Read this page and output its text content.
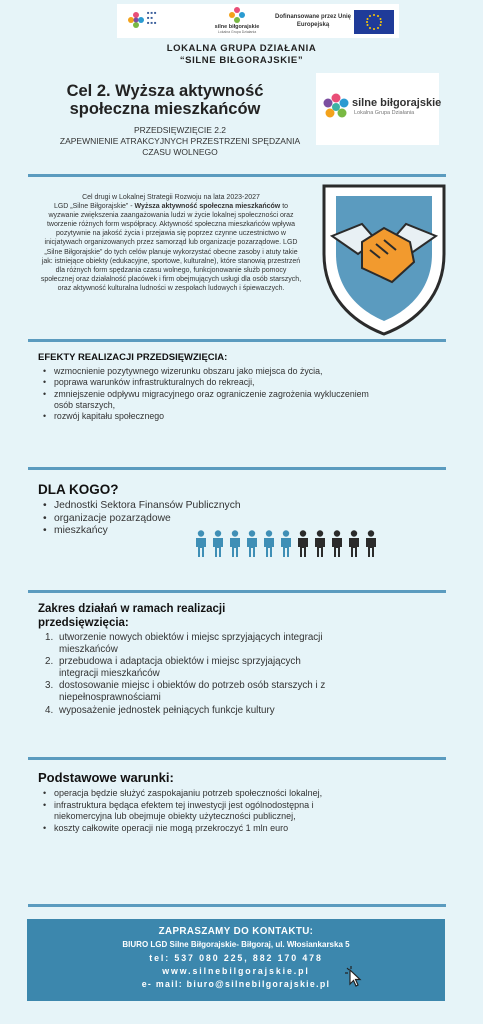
■ ■ ■
■ ■
■ ■ ■
silne biłgorajskie
Lokalna Grupa Działania
Dofinansowane przez Unię Europejską
LOKALNA GRUPA DZIAŁANIA
“SILNE BIŁGORAJSKIE”
Cel 2. Wyższa aktywność
społeczna mieszkańców	silne biłgorajskie
Lokalna Grupa Działania
PRZEDSIĘWZIĘCIE 2.2
ZAPEWNIENIE ATRAKCYJNYCH PRZESTRZENI SPĘDZANIA
CZASU WOLNEGO
Cel drugi w Lokalnej Strategii Rozwoju na lata 2023-2027
LGD „Silne Biłgorajskie” - Wyższa aktywność społeczna mieszkańców to wyzwanie zwiększenia zaangażowania ludzi w życie lokalnej społeczności oraz tworzenie różnych form współpracy. Aktywność społeczna mieszkańców wpływa pozytywnie na jakość życia i przejawia się poprzez czynne uczestnictwo w inicjatywach organizowanych przez samorząd lub organizacje pozarządowe. LGD „Silne Biłgorajskie” do tych celów planuje wykorzystać obecne zasoby i atuty takie jak: istniejące obiekty (edukacyjne, sportowe, kulturalne), które stanowią przestrzeń dla różnych form spędzania czasu wolnego, funkcjonowanie służb pomocy społecznej oraz działalność placówek i firm obejmujących usługi dla osób starszych, oraz aktywność kulturalna ludności w zespołach ludowych i śpiewaczych.
EFEKTY REALIZACJI PRZEDSIĘWZIĘCIA:
• wzmocnienie pozytywnego wizerunku obszaru jako miejsca do życia,
• poprawa warunków infrastrukturalnych do rekreacji,
• zmniejszenie odpływu migracyjnego oraz ograniczenie zagrożenia wykluczeniem osób starszych,
• rozwój kapitału społecznego
DLA KOGO?
• Jednostki Sektora Finansów Publicznych
• organizacje pozarządowe
• mieszkańcy
Zakres działań w ramach realizacji
przedsięwzięcia:
1. utworzenie nowych obiektów i miejsc sprzyjających integracji mieszkańców
2. przebudowa i adaptacja obiektów i miejsc sprzyjających integracji mieszkańców
3. dostosowanie miejsc i obiektów do potrzeb osób starszych i z niepełnosprawnościami
4. wyposażenie jednostek pełniących funkcje kultury
Podstawowe warunki:
• operacja będzie służyć zaspokajaniu potrzeb społeczności lokalnej,
• infrastruktura będąca efektem tej inwestycji jest ogólnodostępna i niekomercyjna lub obejmuje obiekty użyteczności publicznej,
• koszty całkowite operacji nie mogą przekroczyć 1 mln euro
ZAPRASZAMY DO KONTAKTU:
BIURO LGD Silne Biłgorajskie- Biłgoraj, ul. Włosiankarska 5
tel: 537 080 225, 882 170 478
www.silnebilgorajskie.pl
e- mail: biuro@silnebilgorajskie.pl
